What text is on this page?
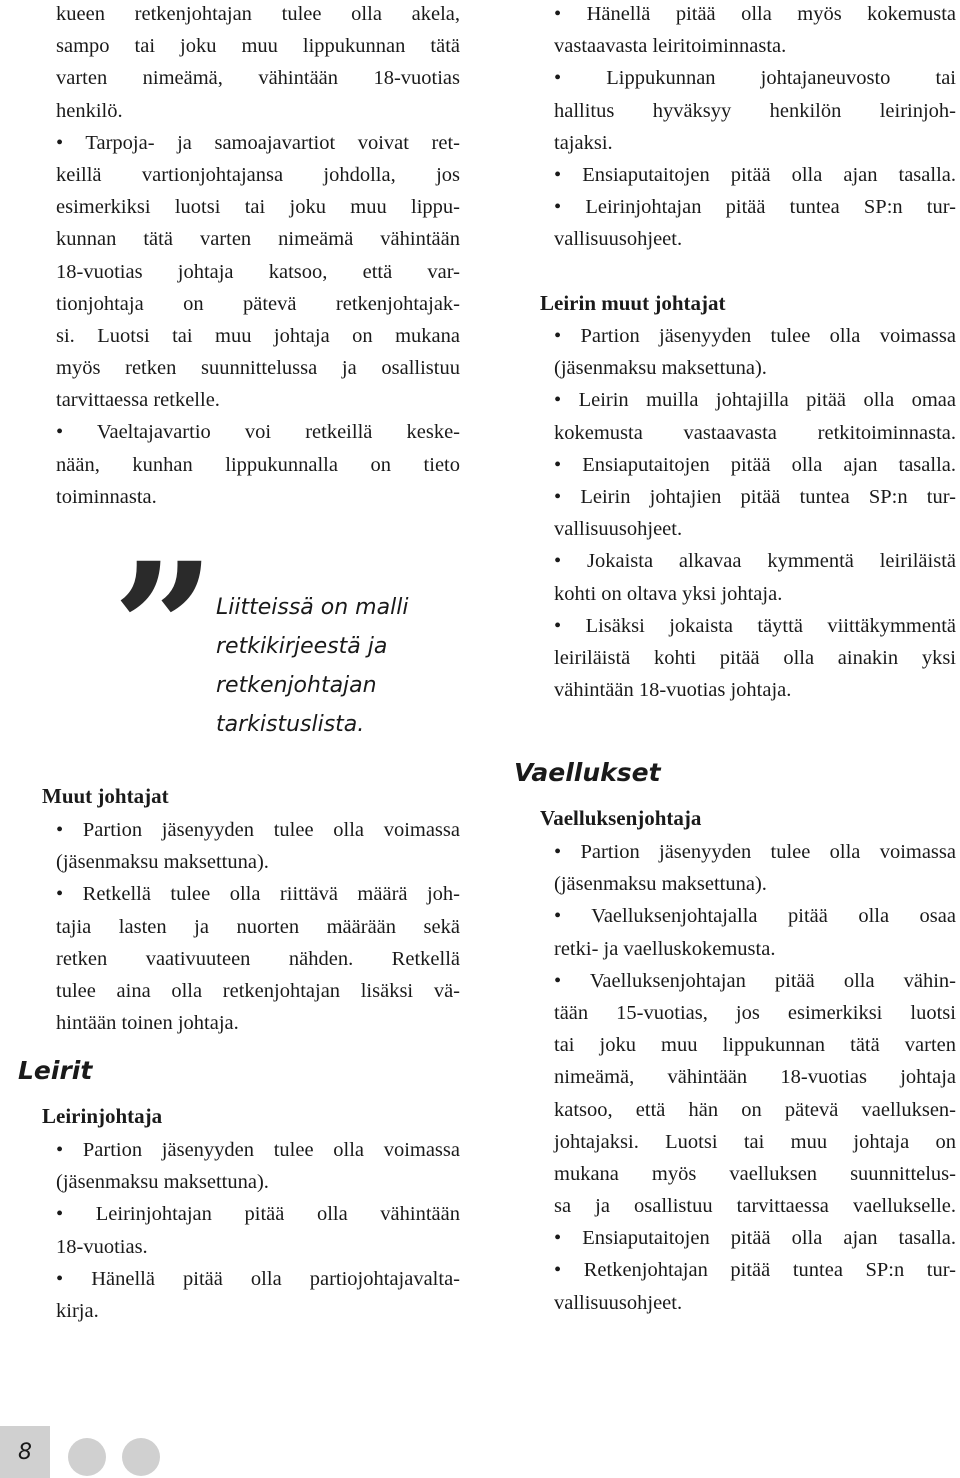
kueen retkenjohtajan tulee olla akela,
sampo tai joku muu lippukunnan tätä
varten nimeämä, vähintään 18-vuotias
henkilö.
• Tarpoja- ja samoajavartiot voivat ret-
keillä vartionjohtajansa johdolla, jos
esimerkiksi luotsi tai joku muu lippu-
kunnan tätä varten nimeämä vähintään
18-vuotias johtaja katsoo, että var-
tionjohtaja on pätevä retkenjohtajak-
si. Luotsi tai muu johtaja on mukana
myös retken suunnittelussa ja osallistuu
tarvittaessa retkelle.
• Vaeltajavartio voi retkeillä keske-
nään, kunhan lippukunnalla on tieto
toiminnasta.
” Liitteissä on malli
retkikirjeestä ja
retkenjohtajan
tarkistuslista.
Muut johtajat
• Partion jäsenyyden tulee olla voimassa
(jäsenmaksu maksettuna).
• Retkellä tulee olla riittävä määrä joh-
tajia lasten ja nuorten määrään sekä
retken vaativuuteen nähden. Retkellä
tulee aina olla retkenjohtajan lisäksi vä-
hintään toinen johtaja.
Leirit
Leirinjohtaja
• Partion jäsenyyden tulee olla voimassa
(jäsenmaksu maksettuna).
• Leirinjohtajan pitää olla vähintään
18-vuotias.
• Hänellä pitää olla partiojohtajavalta-
kirja.
• Hänellä pitää olla myös kokemusta
vastaavasta leiritoiminnasta.
• Lippukunnan johtajaneuvosto tai
hallitus hyväksyy henkilön leirinjoh-
tajaksi.
• Ensiaputaitojen pitää olla ajan tasalla.
• Leirinjohtajan pitää tuntea SP:n tur-
vallisuusohjeet.
Leirin muut johtajat
• Partion jäsenyyden tulee olla voimassa
(jäsenmaksu maksettuna).
• Leirin muilla johtajilla pitää olla omaa
kokemusta vastaavasta retkitoiminnasta.
• Ensiaputaitojen pitää olla ajan tasalla.
• Leirin johtajien pitää tuntea SP:n tur-
vallisuusohjeet.
• Jokaista alkavaa kymmentä leiriläistä
kohti on oltava yksi johtaja.
• Lisäksi jokaista täyttä viittäkymmentä
leiriläistä kohti pitää olla ainakin yksi
vähintään 18-vuotias johtaja.
Vaellukset
Vaelluksenjohtaja
• Partion jäsenyyden tulee olla voimassa
(jäsenmaksu maksettuna).
• Vaelluksenjohtajalla pitää olla osaa
retki- ja vaelluskokemusta.
• Vaelluksenjohtajan pitää olla vähin-
tään 15-vuotias, jos esimerkiksi luotsi
tai joku muu lippukunnan tätä varten
nimeämä, vähintään 18-vuotias johtaja
katsoo, että hän on pätevä vaelluksen-
johtajaksi. Luotsi tai muu johtaja on
mukana myös vaelluksen suunnittelus-
sa ja osallistuu tarvittaessa vaellukselle.
• Ensiaputaitojen pitää olla ajan tasalla.
• Retkenjohtajan pitää tuntea SP:n tur-
vallisuusohjeet.
8
